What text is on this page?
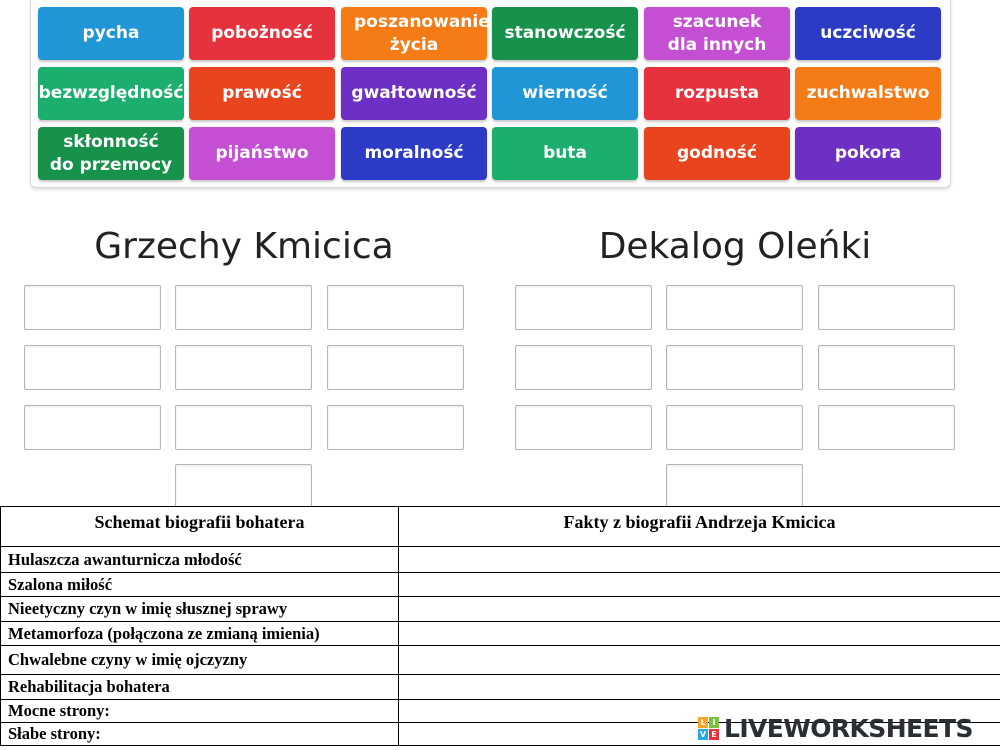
pycha	pobożność
poszanowanie życia
stanowczość
szacunek dla innych
uczciwość
bezwzględność prawość	gwałtowność	wierność	rozpusta	zuchwalstwo
skłonność do przemocy
pijaństwo	moralność	buta	godność	pokora
Grzechy Kmicica	Dekalog Oleńki
Schemat biografii bohatera	Fakty z biografii Andrzeja Kmicica
Hulaszcza awanturnicza młodość	
Szalona miłość	
Nieetyczny czyn w imię słusznej sprawy	
Metamorfoza (połączona ze zmianą imienia)	
Chwalebne czyny w imię ojczyzny	
Rehabilitacja bohatera	
Mocne strony:	
Słabe strony:	
L I
V E LIVEWORKSHEETS
